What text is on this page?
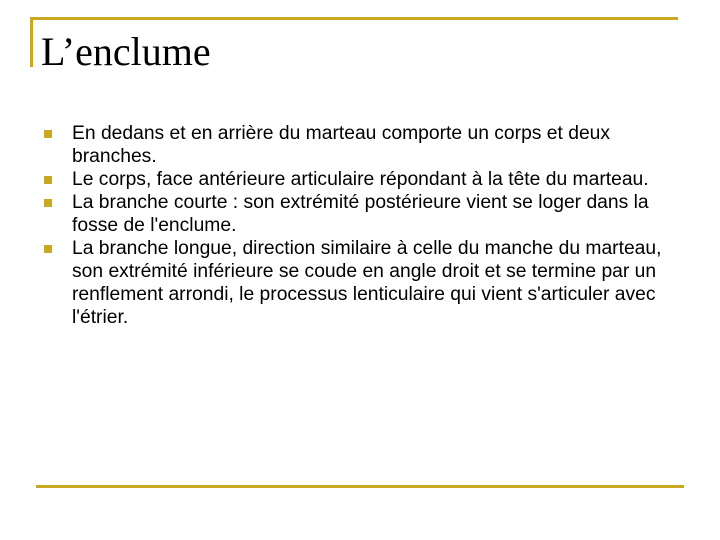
L’enclume
En dedans et en arrière du marteau comporte un corps et deux branches.
Le corps, face antérieure articulaire répondant à la tête du marteau.
La branche courte : son extrémité postérieure vient se loger dans la fosse de l'enclume.
La branche longue, direction similaire à celle du manche du marteau, son extrémité inférieure se coude en angle droit et se termine par un renflement arrondi, le processus lenticulaire qui vient s'articuler avec l'étrier.
